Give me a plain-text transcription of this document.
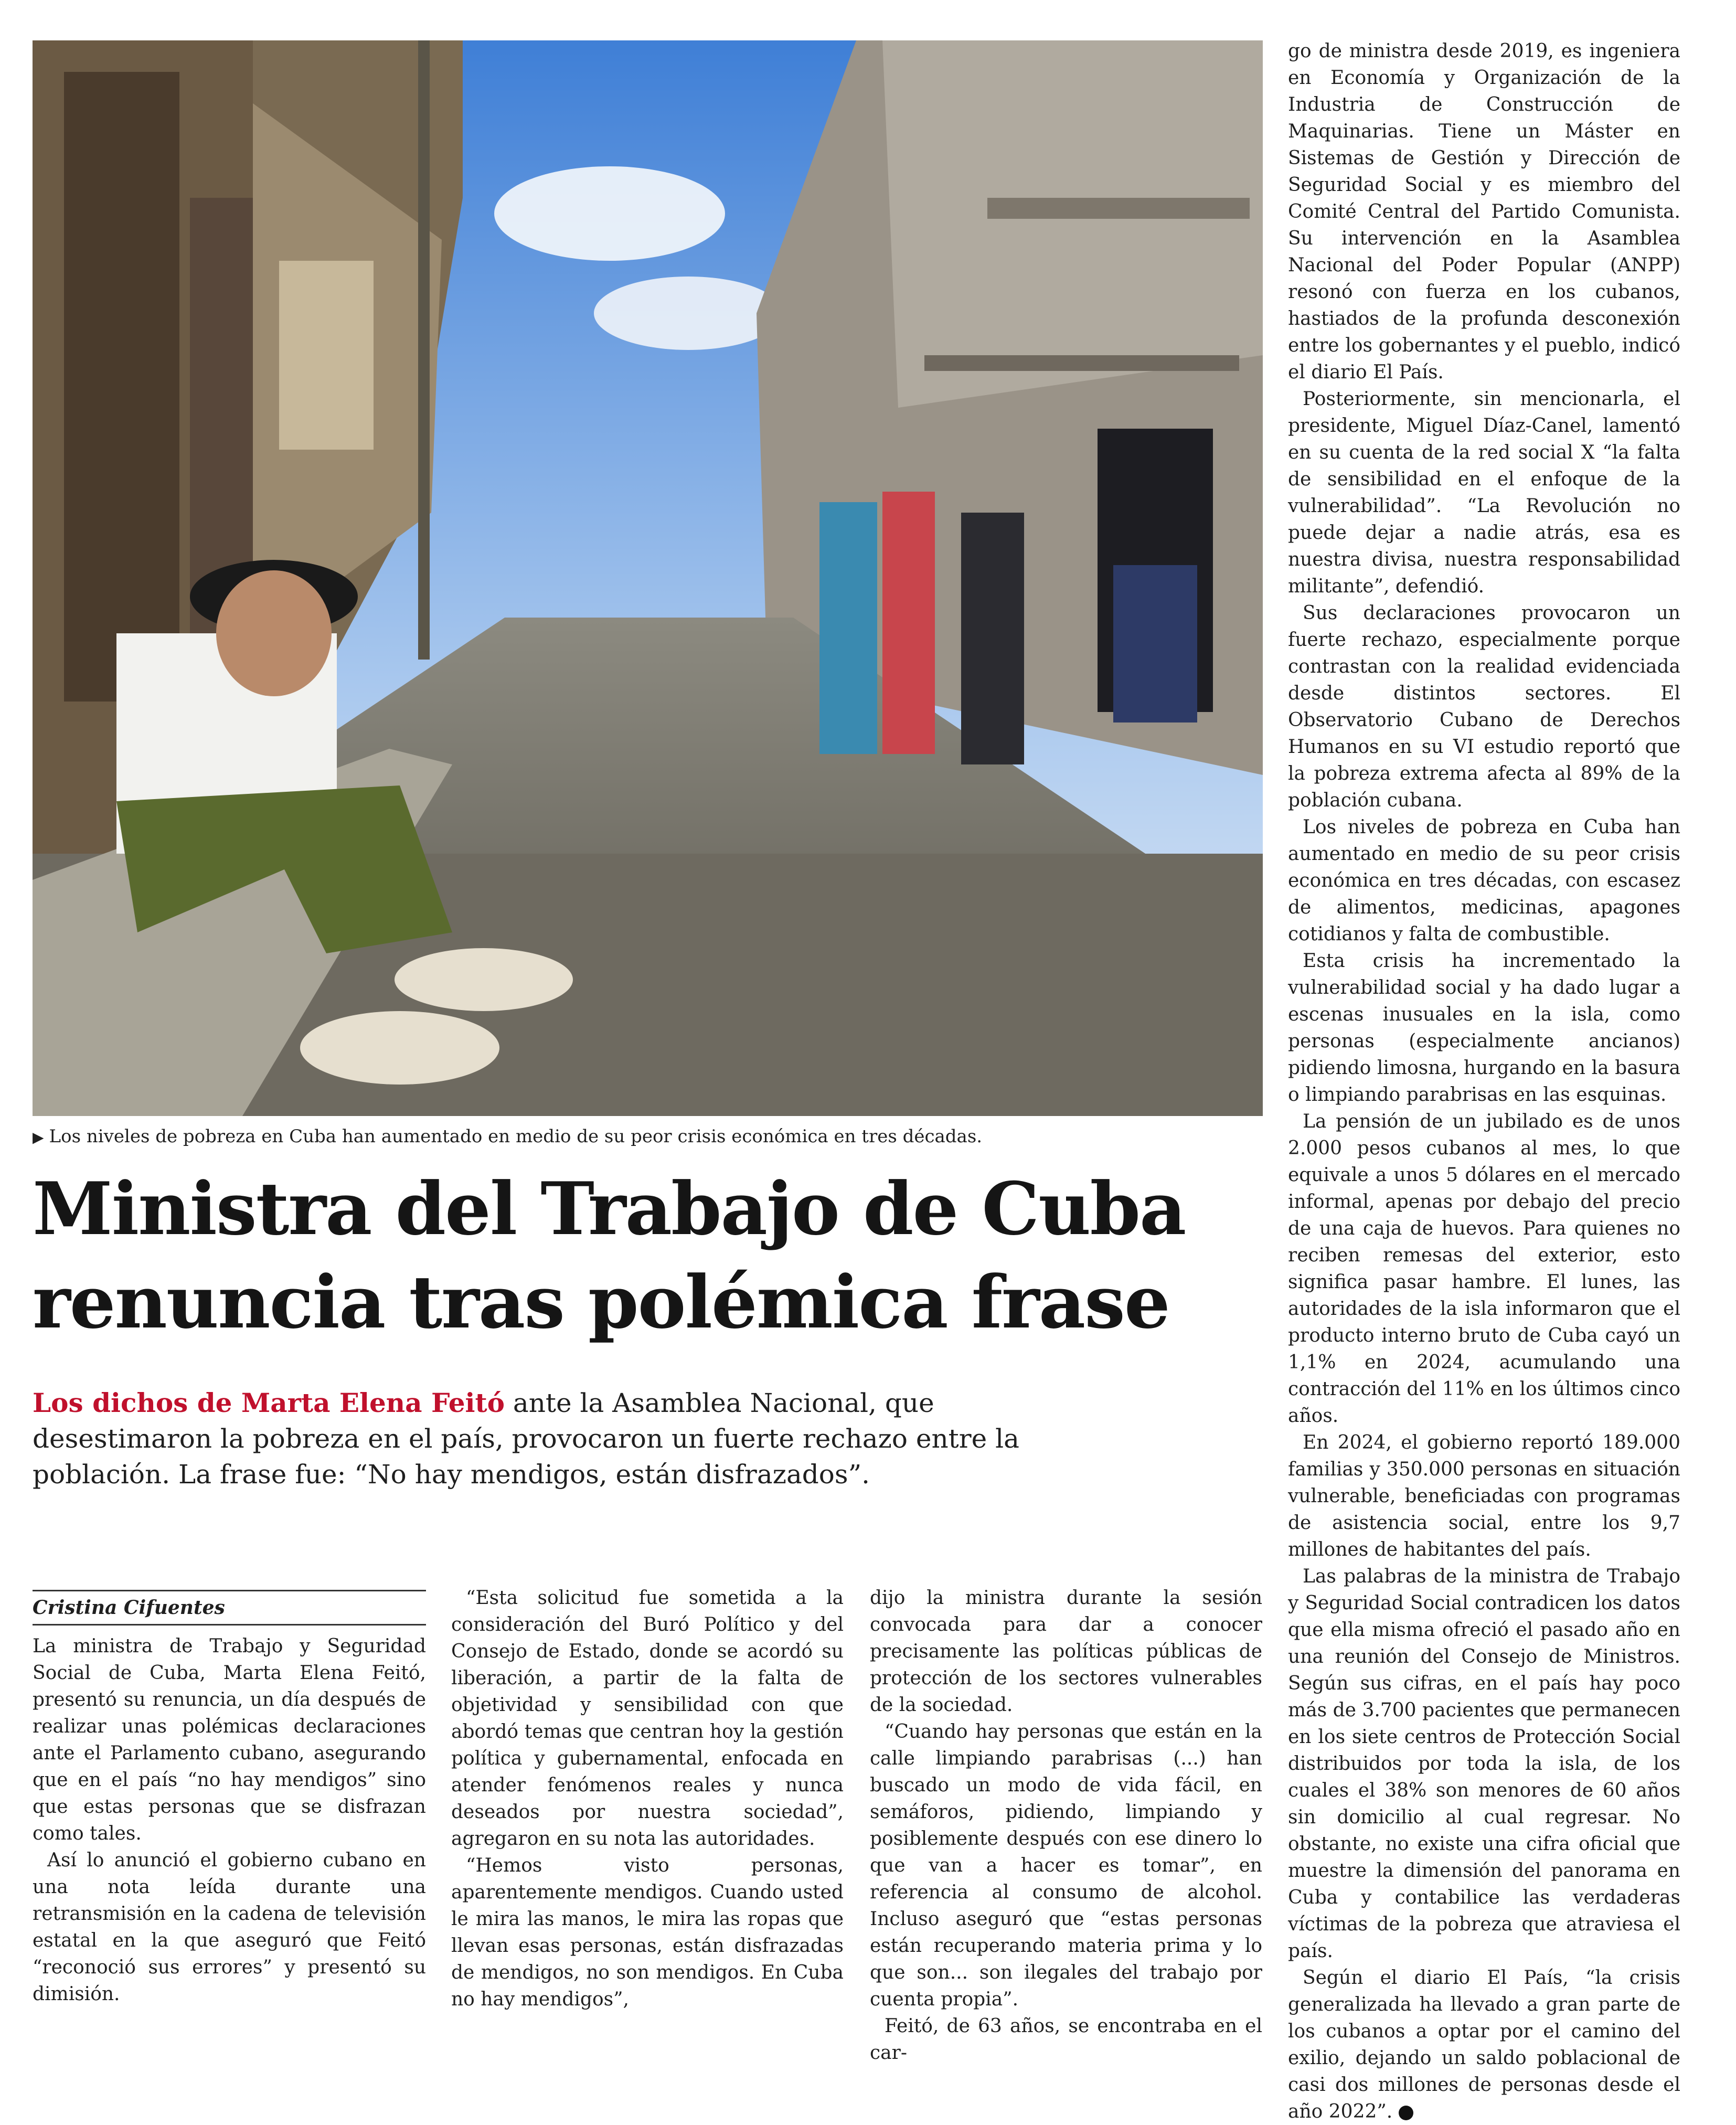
▶ Los niveles de pobreza en Cuba han aumentado en medio de su peor crisis económica en tres décadas.
Ministra del Trabajo de Cuba
renuncia tras polémica frase
Los dichos de Marta Elena Feitó ante la Asamblea Nacional, que desestimaron la pobreza en el país, provocaron un fuerte rechazo entre la población. La frase fue: “No hay mendigos, están disfrazados”.
Cristina Cifuentes

La ministra de Trabajo y Seguridad Social de Cuba, Marta Elena Feitó, presentó su renuncia, un día después de realizar unas polémicas declaraciones ante el Parlamento cubano, asegurando que en el país “no hay mendigos” sino que estas personas que se disfrazan como tales.

Así lo anunció el gobierno cubano en una nota leída durante una retransmisión en la cadena de televisión estatal en la que aseguró que Feitó “reconoció sus errores” y presentó su dimisión.

“Esta solicitud fue sometida a la consideración del Buró Político y del Consejo de Estado, donde se acordó su liberación, a partir de la falta de objetividad y sensibilidad con que abordó temas que centran hoy la gestión política y gubernamental, enfocada en atender fenómenos reales y nunca deseados por nuestra sociedad”, agregaron en su nota las autoridades.

“Hemos visto personas, aparentemente mendigos. Cuando usted le mira las manos, le mira las ropas que llevan esas personas, están disfrazadas de mendigos, no son mendigos. En Cuba no hay mendigos”,

dijo la ministra durante la sesión convocada para dar a conocer precisamente las políticas públicas de protección de los sectores vulnerables de la sociedad.

“Cuando hay personas que están en la calle limpiando parabrisas (...) han buscado un modo de vida fácil, en semáforos, pidiendo, limpiando y posiblemente después con ese dinero lo que van a hacer es tomar”, en referencia al consumo de alcohol. Incluso aseguró que “estas personas están recuperando materia prima y lo que son... son ilegales del trabajo por cuenta propia”.

Feitó, de 63 años, se encontraba en el car-

go de ministra desde 2019, es ingeniera en Economía y Organización de la Industria de Construcción de Maquinarias. Tiene un Máster en Sistemas de Gestión y Dirección de Seguridad Social y es miembro del Comité Central del Partido Comunista. Su intervención en la Asamblea Nacional del Poder Popular (ANPP) resonó con fuerza en los cubanos, hastiados de la profunda desconexión entre los gobernantes y el pueblo, indicó el diario El País.

Posteriormente, sin mencionarla, el presidente, Miguel Díaz-Canel, lamentó en su cuenta de la red social X “la falta de sensibilidad en el enfoque de la vulnerabilidad”. “La Revolución no puede dejar a nadie atrás, esa es nuestra divisa, nuestra responsabilidad militante”, defendió.

Sus declaraciones provocaron un fuerte rechazo, especialmente porque contrastan con la realidad evidenciada desde distintos sectores. El Observatorio Cubano de Derechos Humanos en su VI estudio reportó que la pobreza extrema afecta al 89% de la población cubana.

Los niveles de pobreza en Cuba han aumentado en medio de su peor crisis económica en tres décadas, con escasez de alimentos, medicinas, apagones cotidianos y falta de combustible.

Esta crisis ha incrementado la vulnerabilidad social y ha dado lugar a escenas inusuales en la isla, como personas (especialmente ancianos) pidiendo limosna, hurgando en la basura o limpiando parabrisas en las esquinas.

La pensión de un jubilado es de unos 2.000 pesos cubanos al mes, lo que equivale a unos 5 dólares en el mercado informal, apenas por debajo del precio de una caja de huevos. Para quienes no reciben remesas del exterior, esto significa pasar hambre. El lunes, las autoridades de la isla informaron que el producto interno bruto de Cuba cayó un 1,1% en 2024, acumulando una contracción del 11% en los últimos cinco años.

En 2024, el gobierno reportó 189.000 familias y 350.000 personas en situación vulnerable, beneficiadas con programas de asistencia social, entre los 9,7 millones de habitantes del país.

Las palabras de la ministra de Trabajo y Seguridad Social contradicen los datos que ella misma ofreció el pasado año en una reunión del Consejo de Ministros. Según sus cifras, en el país hay poco más de 3.700 pacientes que permanecen en los siete centros de Protección Social distribuidos por toda la isla, de los cuales el 38% son menores de 60 años sin domicilio al cual regresar. No obstante, no existe una cifra oficial que muestre la dimensión del panorama en Cuba y contabilice las verdaderas víctimas de la pobreza que atraviesa el país.

Según el diario El País, “la crisis generalizada ha llevado a gran parte de los cubanos a optar por el camino del exilio, dejando un saldo poblacional de casi dos millones de personas desde el año 2022”.
